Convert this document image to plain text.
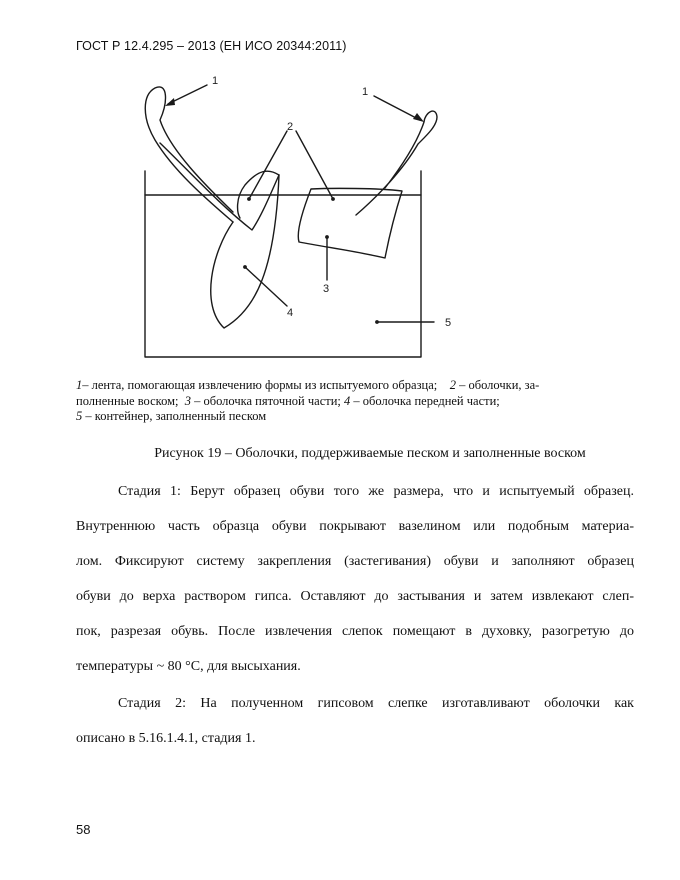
ГОСТ Р 12.4.295 – 2013 (ЕН ИСО 20344:2011)
1
1
2
3
4
5
1– лента, помогающая извлечению формы из испытуемого образца; 2 – оболочки, за-
полненные воском; 3 – оболочка пяточной части; 4 – оболочка передней части;
5 – контейнер, заполненный песком
Рисунок 19 – Оболочки, поддерживаемые песком и заполненные воском
Стадия 1: Берут образец обуви того же размера, что и испытуемый образец.
Внутреннюю часть образца обуви покрывают вазелином или подобным материа-
лом. Фиксируют систему закрепления (застегивания) обуви и заполняют образец
обуви до верха раствором гипса. Оставляют до застывания и затем извлекают слеп-
пок, разрезая обувь. После извлечения слепок помещают в духовку, разогретую до
температуры ~ 80 °С, для высыхания.
Стадия 2: На полученном гипсовом слепке изготавливают оболочки как
описано в 5.16.1.4.1, стадия 1.
58
